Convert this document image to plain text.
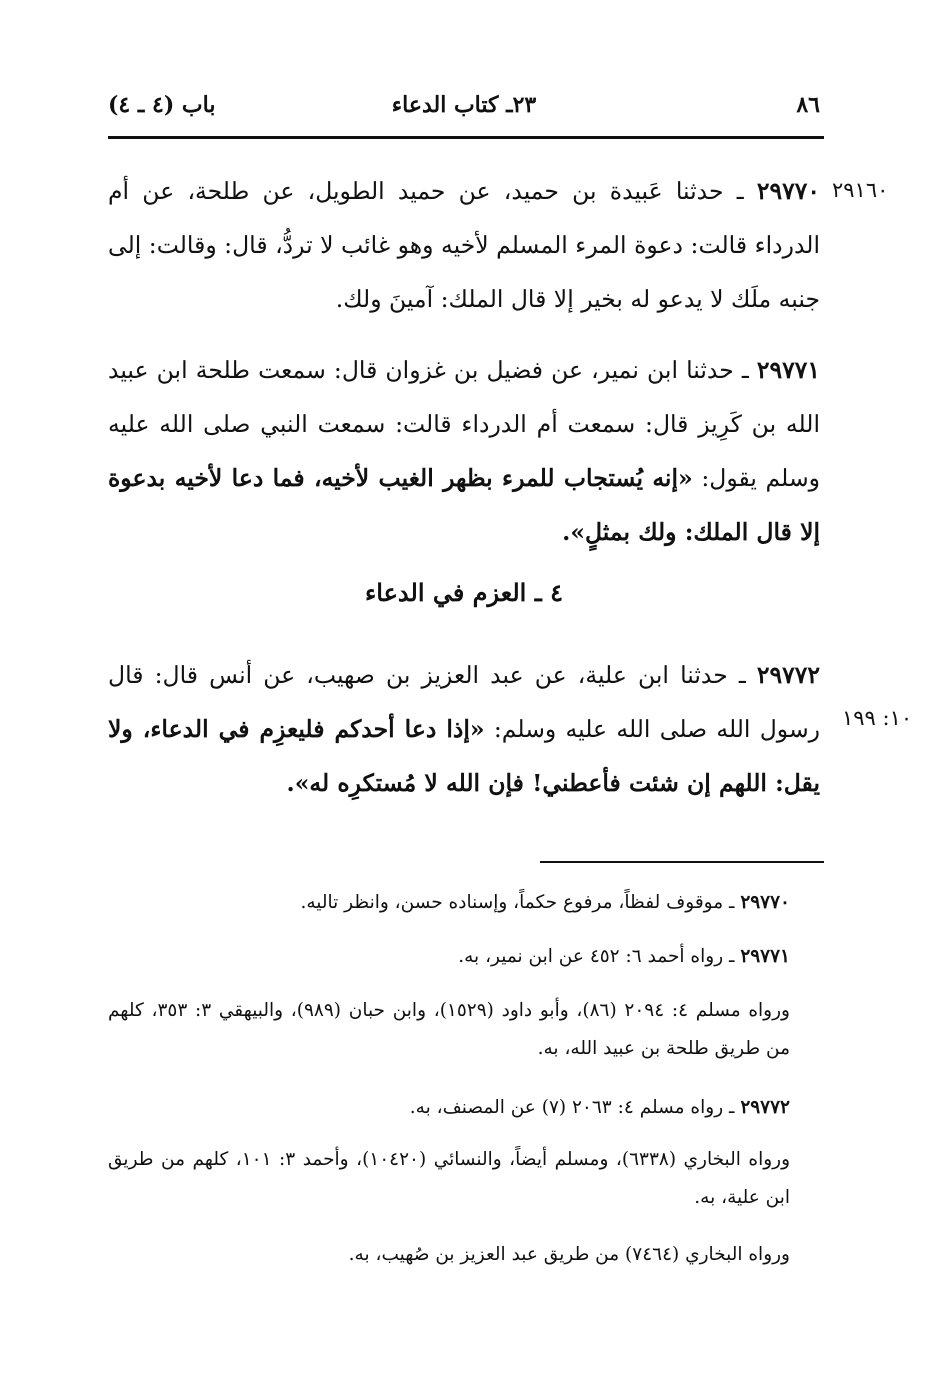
٨٦
٢٣ـ كتاب الدعاء
باب (٤ ـ ٤)
٢٩١٦٠
١٠: ١٩٩
٢٩٧٧٠ ـ حدثنا عَبيدة بن حميد، عن حميد الطويل، عن طلحة، عن أم الدرداء قالت: دعوة المرء المسلم لأخيه وهو غائب لا تردُّ، قال: وقالت: إلى جنبه ملَك لا يدعو له بخير إلا قال الملك: آمينَ ولك.
٢٩٧٧١ ـ حدثنا ابن نمير، عن فضيل بن غزوان قال: سمعت طلحة ابن عبيد الله بن كَرِيز قال: سمعت أم الدرداء قالت: سمعت النبي صلى الله عليه وسلم يقول: «إنه يُستجاب للمرء بظهر الغيب لأخيه، فما دعا لأخيه بدعوة إلا قال الملك: ولك بمثلٍ».
٤ ـ العزم في الدعاء
٢٩٧٧٢ ـ حدثنا ابن علية، عن عبد العزيز بن صهيب، عن أنس قال: قال رسول الله صلى الله عليه وسلم: «إذا دعا أحدكم فليعزِم في الدعاء، ولا يقل: اللهم إن شئت فأعطني! فإن الله لا مُستكرِه له».
٢٩٧٧٠ ـ موقوف لفظاً، مرفوع حكماً، وإسناده حسن، وانظر تاليه.
٢٩٧٧١ ـ رواه أحمد ٦: ٤٥٢ عن ابن نمير، به.
ورواه مسلم ٤: ٢٠٩٤ (٨٦)، وأبو داود (١٥٢٩)، وابن حبان (٩٨٩)، والبيهقي ٣: ٣٥٣، كلهم من طريق طلحة بن عبيد الله، به.
٢٩٧٧٢ ـ رواه مسلم ٤: ٢٠٦٣ (٧) عن المصنف، به.
ورواه البخاري (٦٣٣٨)، ومسلم أيضاً، والنسائي (١٠٤٢٠)، وأحمد ٣: ١٠١، كلهم من طريق ابن علية، به.
ورواه البخاري (٧٤٦٤) من طريق عبد العزيز بن صُهيب، به.
